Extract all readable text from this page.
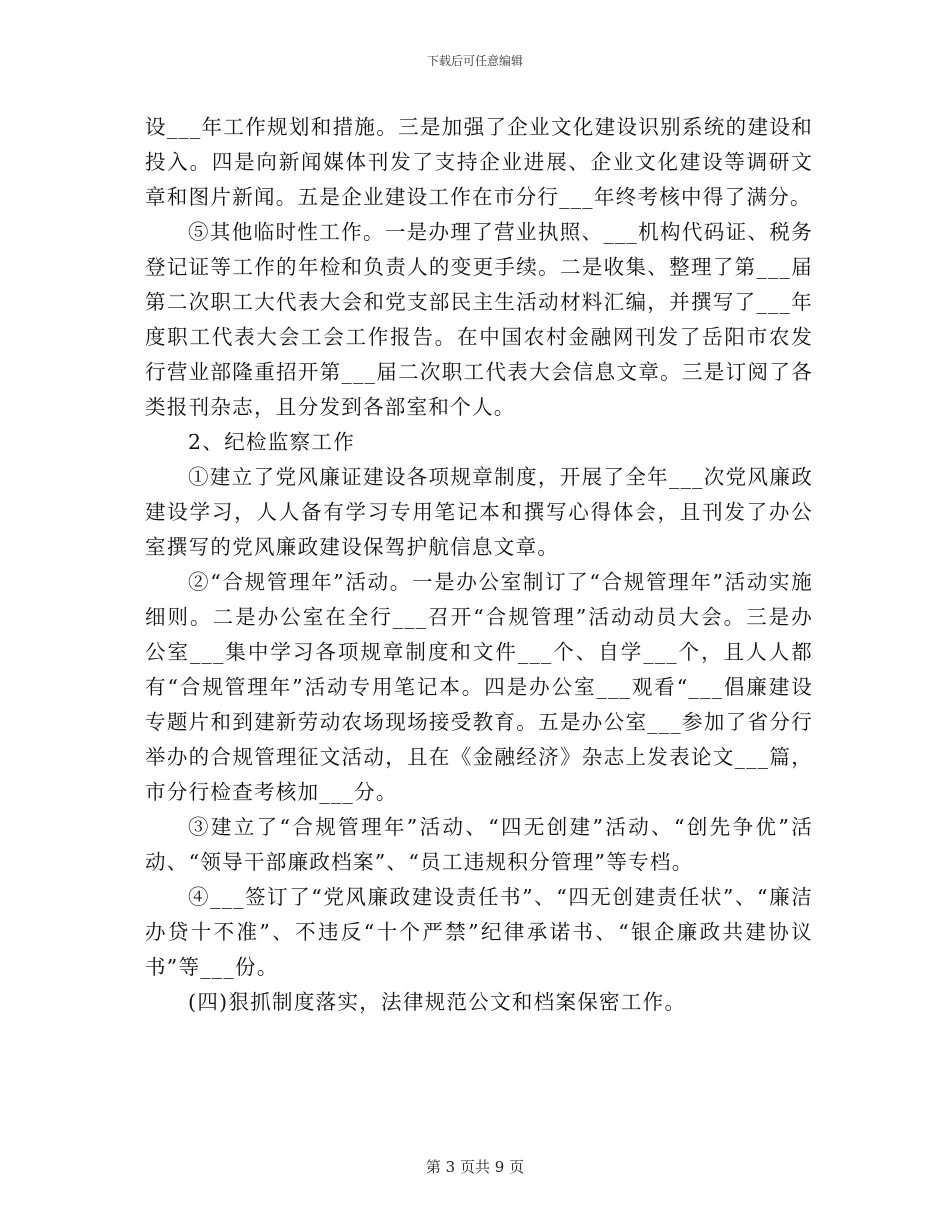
下载后可任意编辑

设___年工作规划和措施。三是加强了企业文化建设识别系统的建设和投入。四是向新闻媒体刊发了支持企业进展、企业文化建设等调研文章和图片新闻。五是企业建设工作在市分行___年终考核中得了满分。

⑤其他临时性工作。一是办理了营业执照、___机构代码证、税务登记证等工作的年检和负责人的变更手续。二是收集、整理了第___届第二次职工大代表大会和党支部民主生活动材料汇编，并撰写了___年度职工代表大会工会工作报告。在中国农村金融网刊发了岳阳市农发行营业部隆重招开第___届二次职工代表大会信息文章。三是订阅了各类报刊杂志，且分发到各部室和个人。

2、纪检监察工作

①建立了党风廉证建设各项规章制度，开展了全年___次党风廉政建设学习，人人备有学习专用笔记本和撰写心得体会，且刊发了办公室撰写的党风廉政建设保驾护航信息文章。

②“合规管理年”活动。一是办公室制订了“合规管理年”活动实施细则。二是办公室在全行___召开“合规管理”活动动员大会。三是办公室___集中学习各项规章制度和文件___个、自学___个，且人人都有“合规管理年”活动专用笔记本。四是办公室___观看“___倡廉建设专题片和到建新劳动农场现场接受教育。五是办公室___参加了省分行举办的合规管理征文活动，且在《金融经济》杂志上发表论文___篇，市分行检查考核加___分。

③建立了“合规管理年”活动、“四无创建”活动、“创先争优”活动、“领导干部廉政档案”、“员工违规积分管理”等专档。

④___签订了“党风廉政建设责任书”、“四无创建责任状”、“廉洁办贷十不准”、不违反“十个严禁”纪律承诺书、“银企廉政共建协议书”等___份。

(四)狠抓制度落实，法律规范公文和档案保密工作。

第 3 页共 9 页
